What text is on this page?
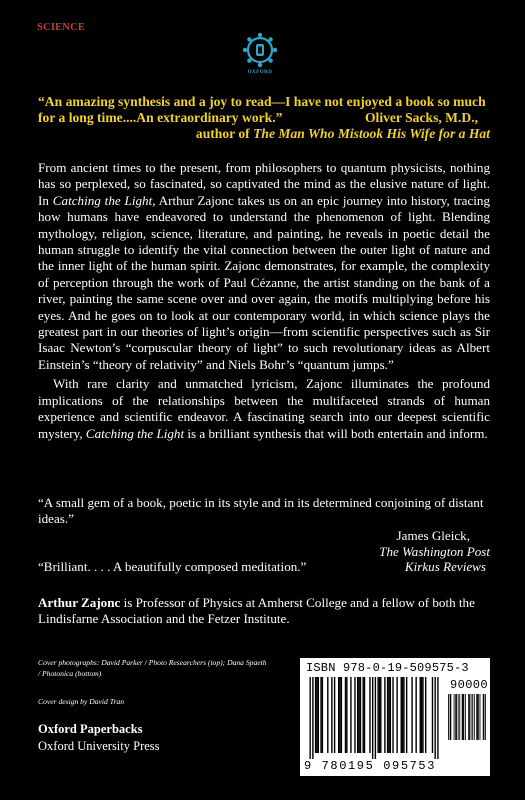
SCIENCE
OXFORD
“An amazing synthesis and a joy to read—I have not enjoyed a book so much
for a long time....An extraordinary work.”	Oliver Sacks, M.D.,
author of The Man Who Mistook His Wife for a Hat

From ancient times to the present, from philosophers to quantum physicists, nothing has so perplexed, so fascinated, so captivated the mind as the elusive nature of light. In Catching the Light, Arthur Zajonc takes us on an epic journey into history, tracing how humans have endeavored to understand the phenomenon of light. Blending mythology, religion, science, literature, and painting, he reveals in poetic detail the human struggle to identify the vital connection between the outer light of nature and the inner light of the human spirit. Zajonc demonstrates, for example, the complexity of perception through the work of Paul Cézanne, the artist standing on the bank of a river, painting the same scene over and over again, the motifs multiplying before his eyes. And he goes on to look at our contemporary world, in which science plays the greatest part in our theories of light’s origin—from scientific perspectives such as Sir Isaac Newton’s “corpuscular theory of light” to such revolutionary ideas as Albert Einstein’s “theory of relativity” and Niels Bohr’s “quantum jumps.”

With rare clarity and unmatched lyricism, Zajonc illuminates the profound implications of the relationships between the multifaceted strands of human experience and scientific endeavor. A fascinating search into our deepest scientific mystery, Catching the Light is a brilliant synthesis that will both entertain and inform.

“A small gem of a book, poetic in its style and in its determined conjoining of distant ideas.”
James Gleick,
The Washington Post
Kirkus Reviews
“Brilliant. . . . A beautifully composed meditation.”
Arthur Zajonc is Professor of Physics at Amherst College and a fellow of both the Lindisfarne Association and the Fetzer Institute.
Cover photographs: David Parker / Photo Researchers (top); Dana Spaeth / Photonica (bottom)
Cover design by David Tran
Oxford Paperbacks
Oxford University Press
ISBN 978-0-19-509575-3
90000
9 780195 095753
